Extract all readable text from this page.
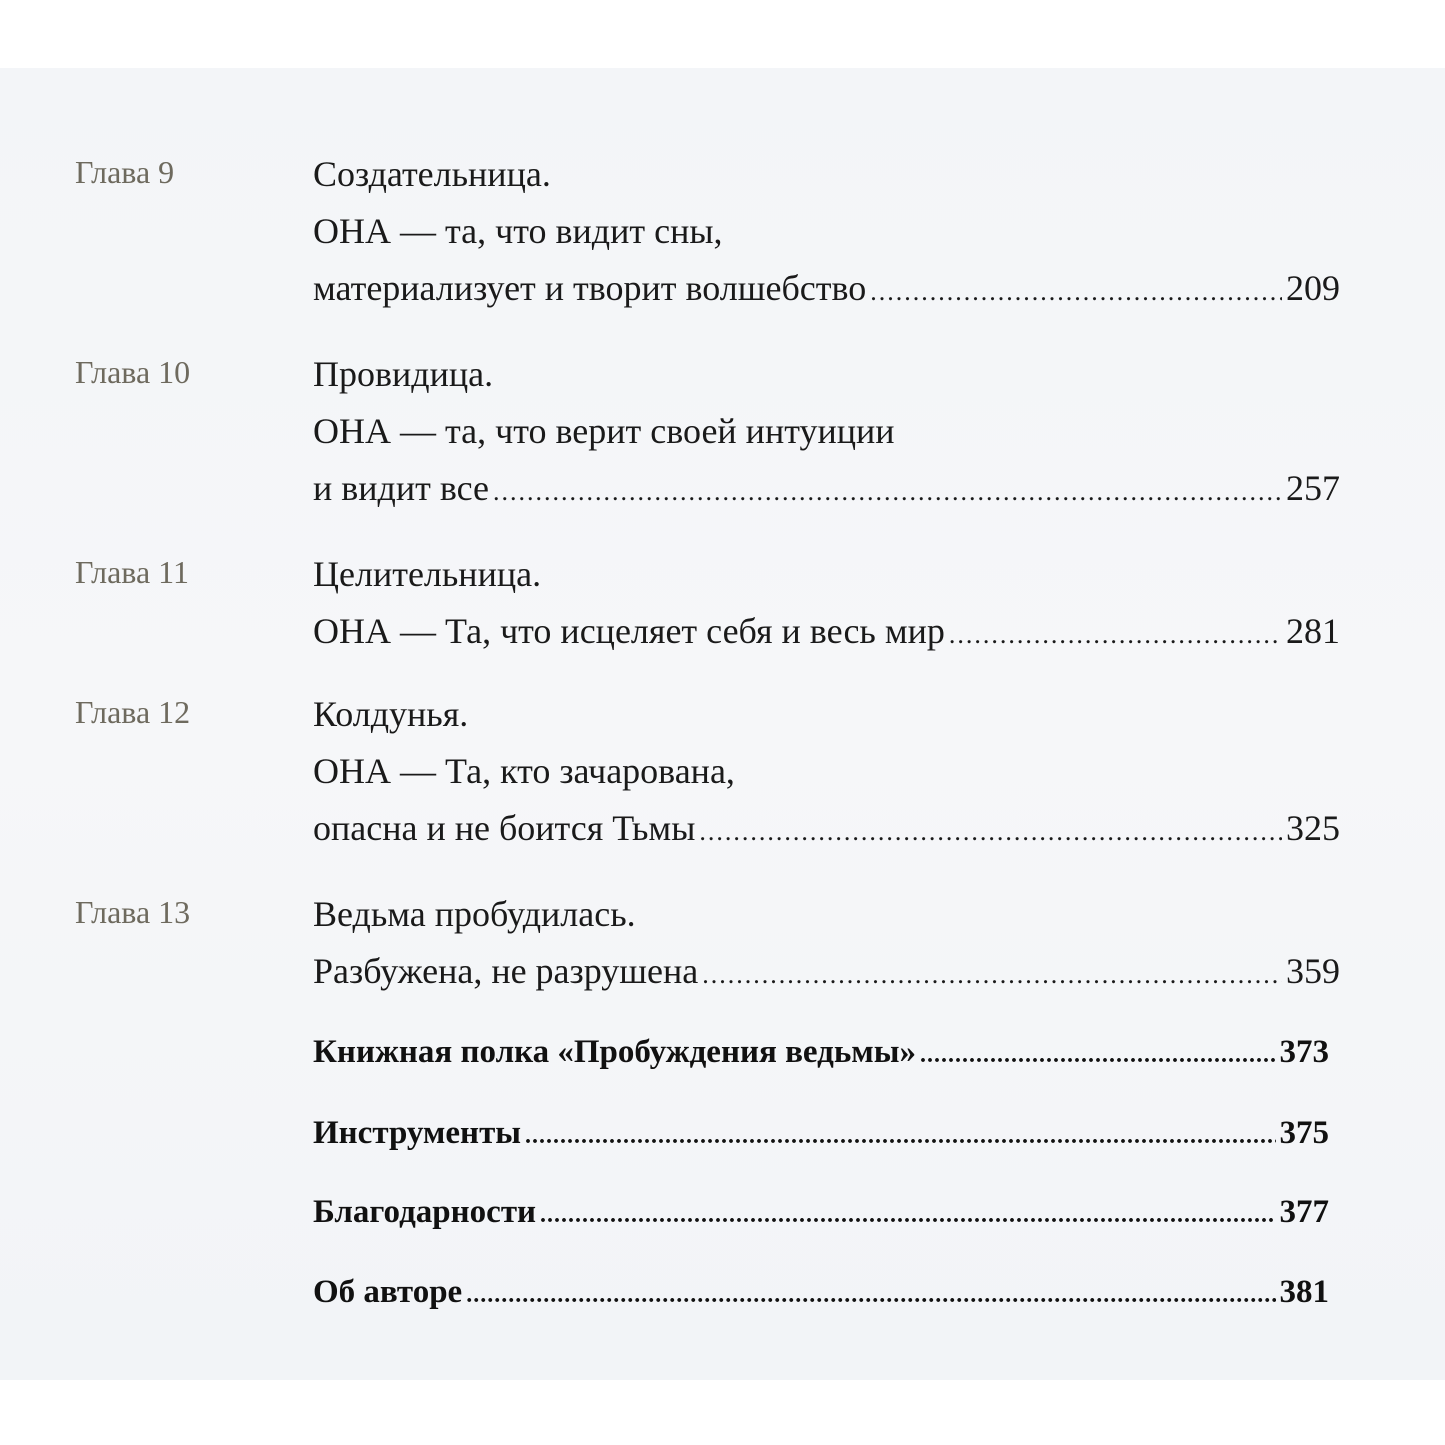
Глава 9	Создательница.
ОНА — та, что видит сны,
материализует и творит волшебство .....	209
Глава 10	Провидица.
ОНА — та, что верит своей интуиции
и видит все .....	257
Глава 11	Целительница.
ОНА — Та, что исцеляет себя и весь мир .....	281
Глава 12	Колдунья.
ОНА — Та, кто зачарована,
опасна и не боится Тьмы .....	325
Глава 13	Ведьма пробудилась.
Разбужена, не разрушена .....	359
Книжная полка «Пробуждения ведьмы» .....	373
Инструменты .....	375
Благодарности .....	377
Об авторе .....	381
